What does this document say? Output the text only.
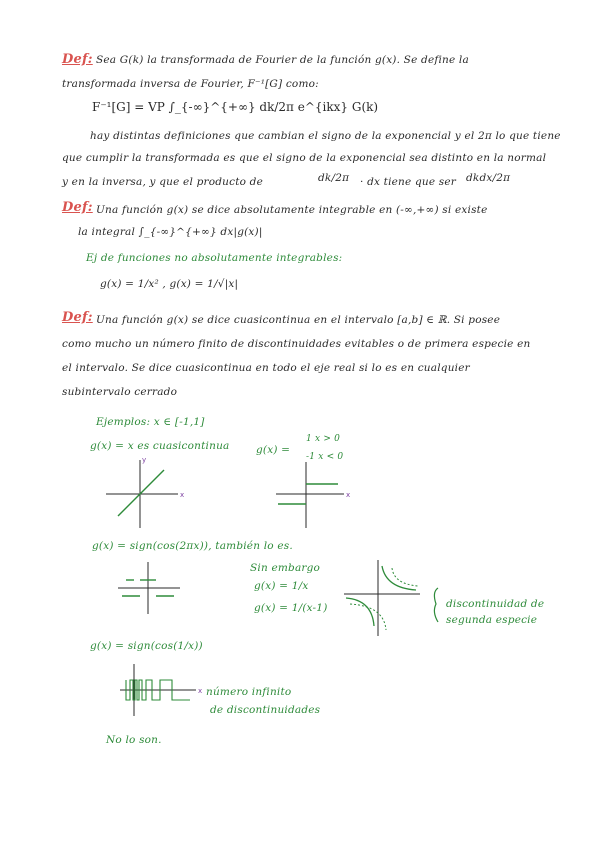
Def: Sea G(k) la transformada de Fourier de la función g(x). Se define la
transformada inversa de Fourier, F⁻¹[G] como:
F⁻¹[G] = VP ∫_{-∞}^{+∞} dk/2π e^{ikx} G(k)
hay distintas definiciones que cambian el signo de la exponencial y el 2π lo que tiene
que cumplir la transformada es que el signo de la exponencial sea distinto en la normal
y en la inversa, y que el producto de	dk/2π · dx tiene que ser dkdx/2π
Def: Una función g(x) se dice absolutamente integrable en (-∞,+∞) si existe
la integral ∫_{-∞}^{+∞} dx|g(x)|
Ej de funciones no absolutamente integrables:
g(x) = 1/x² , g(x) = 1/√|x|
Def: Una función g(x) se dice cuasicontinua en el intervalo [a,b] ∈ ℝ. Si posee
como mucho un número finito de discontinuidades evitables o de primera especie en
el intervalo. Se dice cuasicontinua en todo el eje real si lo es en cualquier
subintervalo cerrado
Ejemplos: x ∈ [-1,1]
g(x) = x es cuasicontinua	g(x) =
1 x > 0
-1 x < 0
g(x) = sign(cos(2πx)), también lo es.
Sin embargo
g(x) = 1/x
g(x) = 1/(x-1)	discontinuidad de
segunda especie
g(x) = sign(cos(1/x))
número infinito
de discontinuidades
No lo son.
x
y
x
x
